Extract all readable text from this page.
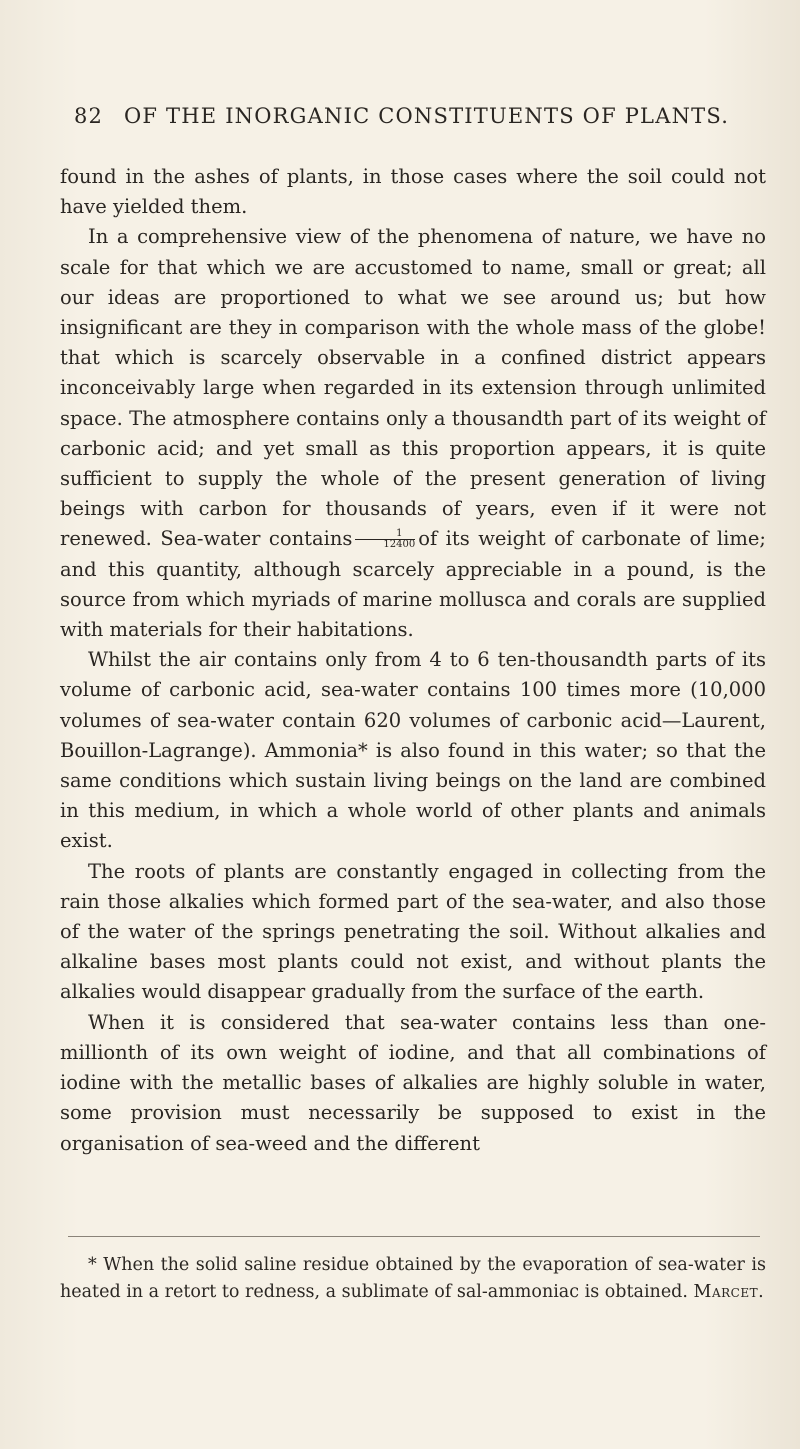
82 OF THE INORGANIC CONSTITUENTS OF PLANTS.

found in the ashes of plants, in those cases where the soil could not have yielded them.

In a comprehensive view of the phenomena of nature, we have no scale for that which we are accustomed to name, small or great; all our ideas are proportioned to what we see around us; but how insignificant are they in comparison with the whole mass of the globe! that which is scarcely observable in a confined district appears inconceivably large when regarded in its extension through unlimited space. The atmosphere contains only a thousandth part of its weight of carbonic acid; and yet small as this proportion appears, it is quite sufficient to supply the whole of the present generation of living beings with carbon for thousands of years, even if it were not renewed. Sea-water contains $\frac{1}{12400}$ of its weight of carbonate of lime; and this quantity, although scarcely appreciable in a pound, is the source from which myriads of marine mollusca and corals are supplied with materials for their habitations.

Whilst the air contains only from 4 to 6 ten-thousandth parts of its volume of carbonic acid, sea-water contains 100 times more (10,000 volumes of sea-water contain 620 volumes of carbonic acid—Laurent, Bouillon-Lagrange). Ammonia* is also found in this water; so that the same conditions which sustain living beings on the land are combined in this medium, in which a whole world of other plants and animals exist.

The roots of plants are constantly engaged in collecting from the rain those alkalies which formed part of the sea-water, and also those of the water of the springs penetrating the soil. Without alkalies and alkaline bases most plants could not exist, and without plants the alkalies would disappear gradually from the surface of the earth.

When it is considered that sea-water contains less than one-millionth of its own weight of iodine, and that all combinations of iodine with the metallic bases of alkalies are highly soluble in water, some provision must necessarily be supposed to exist in the organisation of sea-weed and the different

* When the solid saline residue obtained by the evaporation of sea-water is heated in a retort to redness, a sublimate of sal-ammoniac is obtained. Marcet.
